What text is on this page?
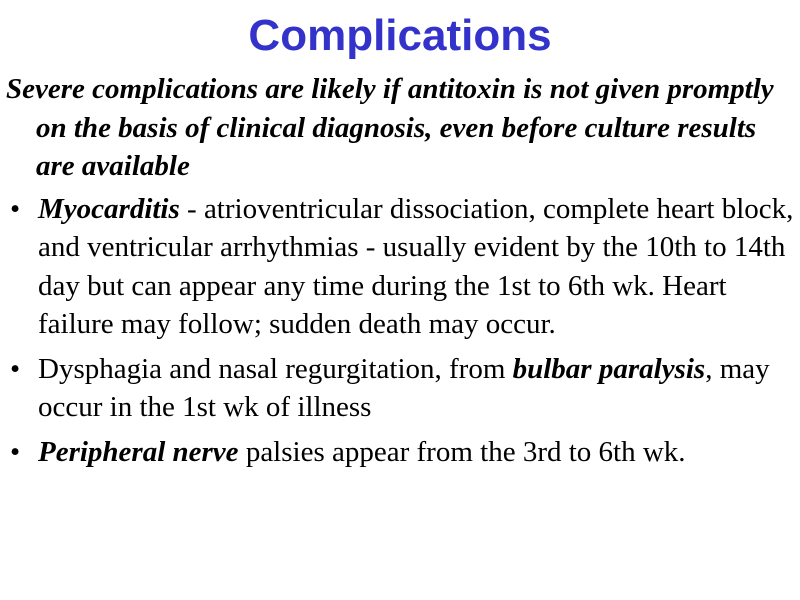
Complications

Severe complications are likely if antitoxin is not given promptly on the basis of clinical diagnosis, even before culture results are available

• Myocarditis - atrioventricular dissociation, complete heart block, and ventricular arrhythmias - usually evident by the 10th to 14th day but can appear any time during the 1st to 6th wk. Heart failure may follow; sudden death may occur.
• Dysphagia and nasal regurgitation, from bulbar paralysis, may occur in the 1st wk of illness
• Peripheral nerve palsies appear from the 3rd to 6th wk.
